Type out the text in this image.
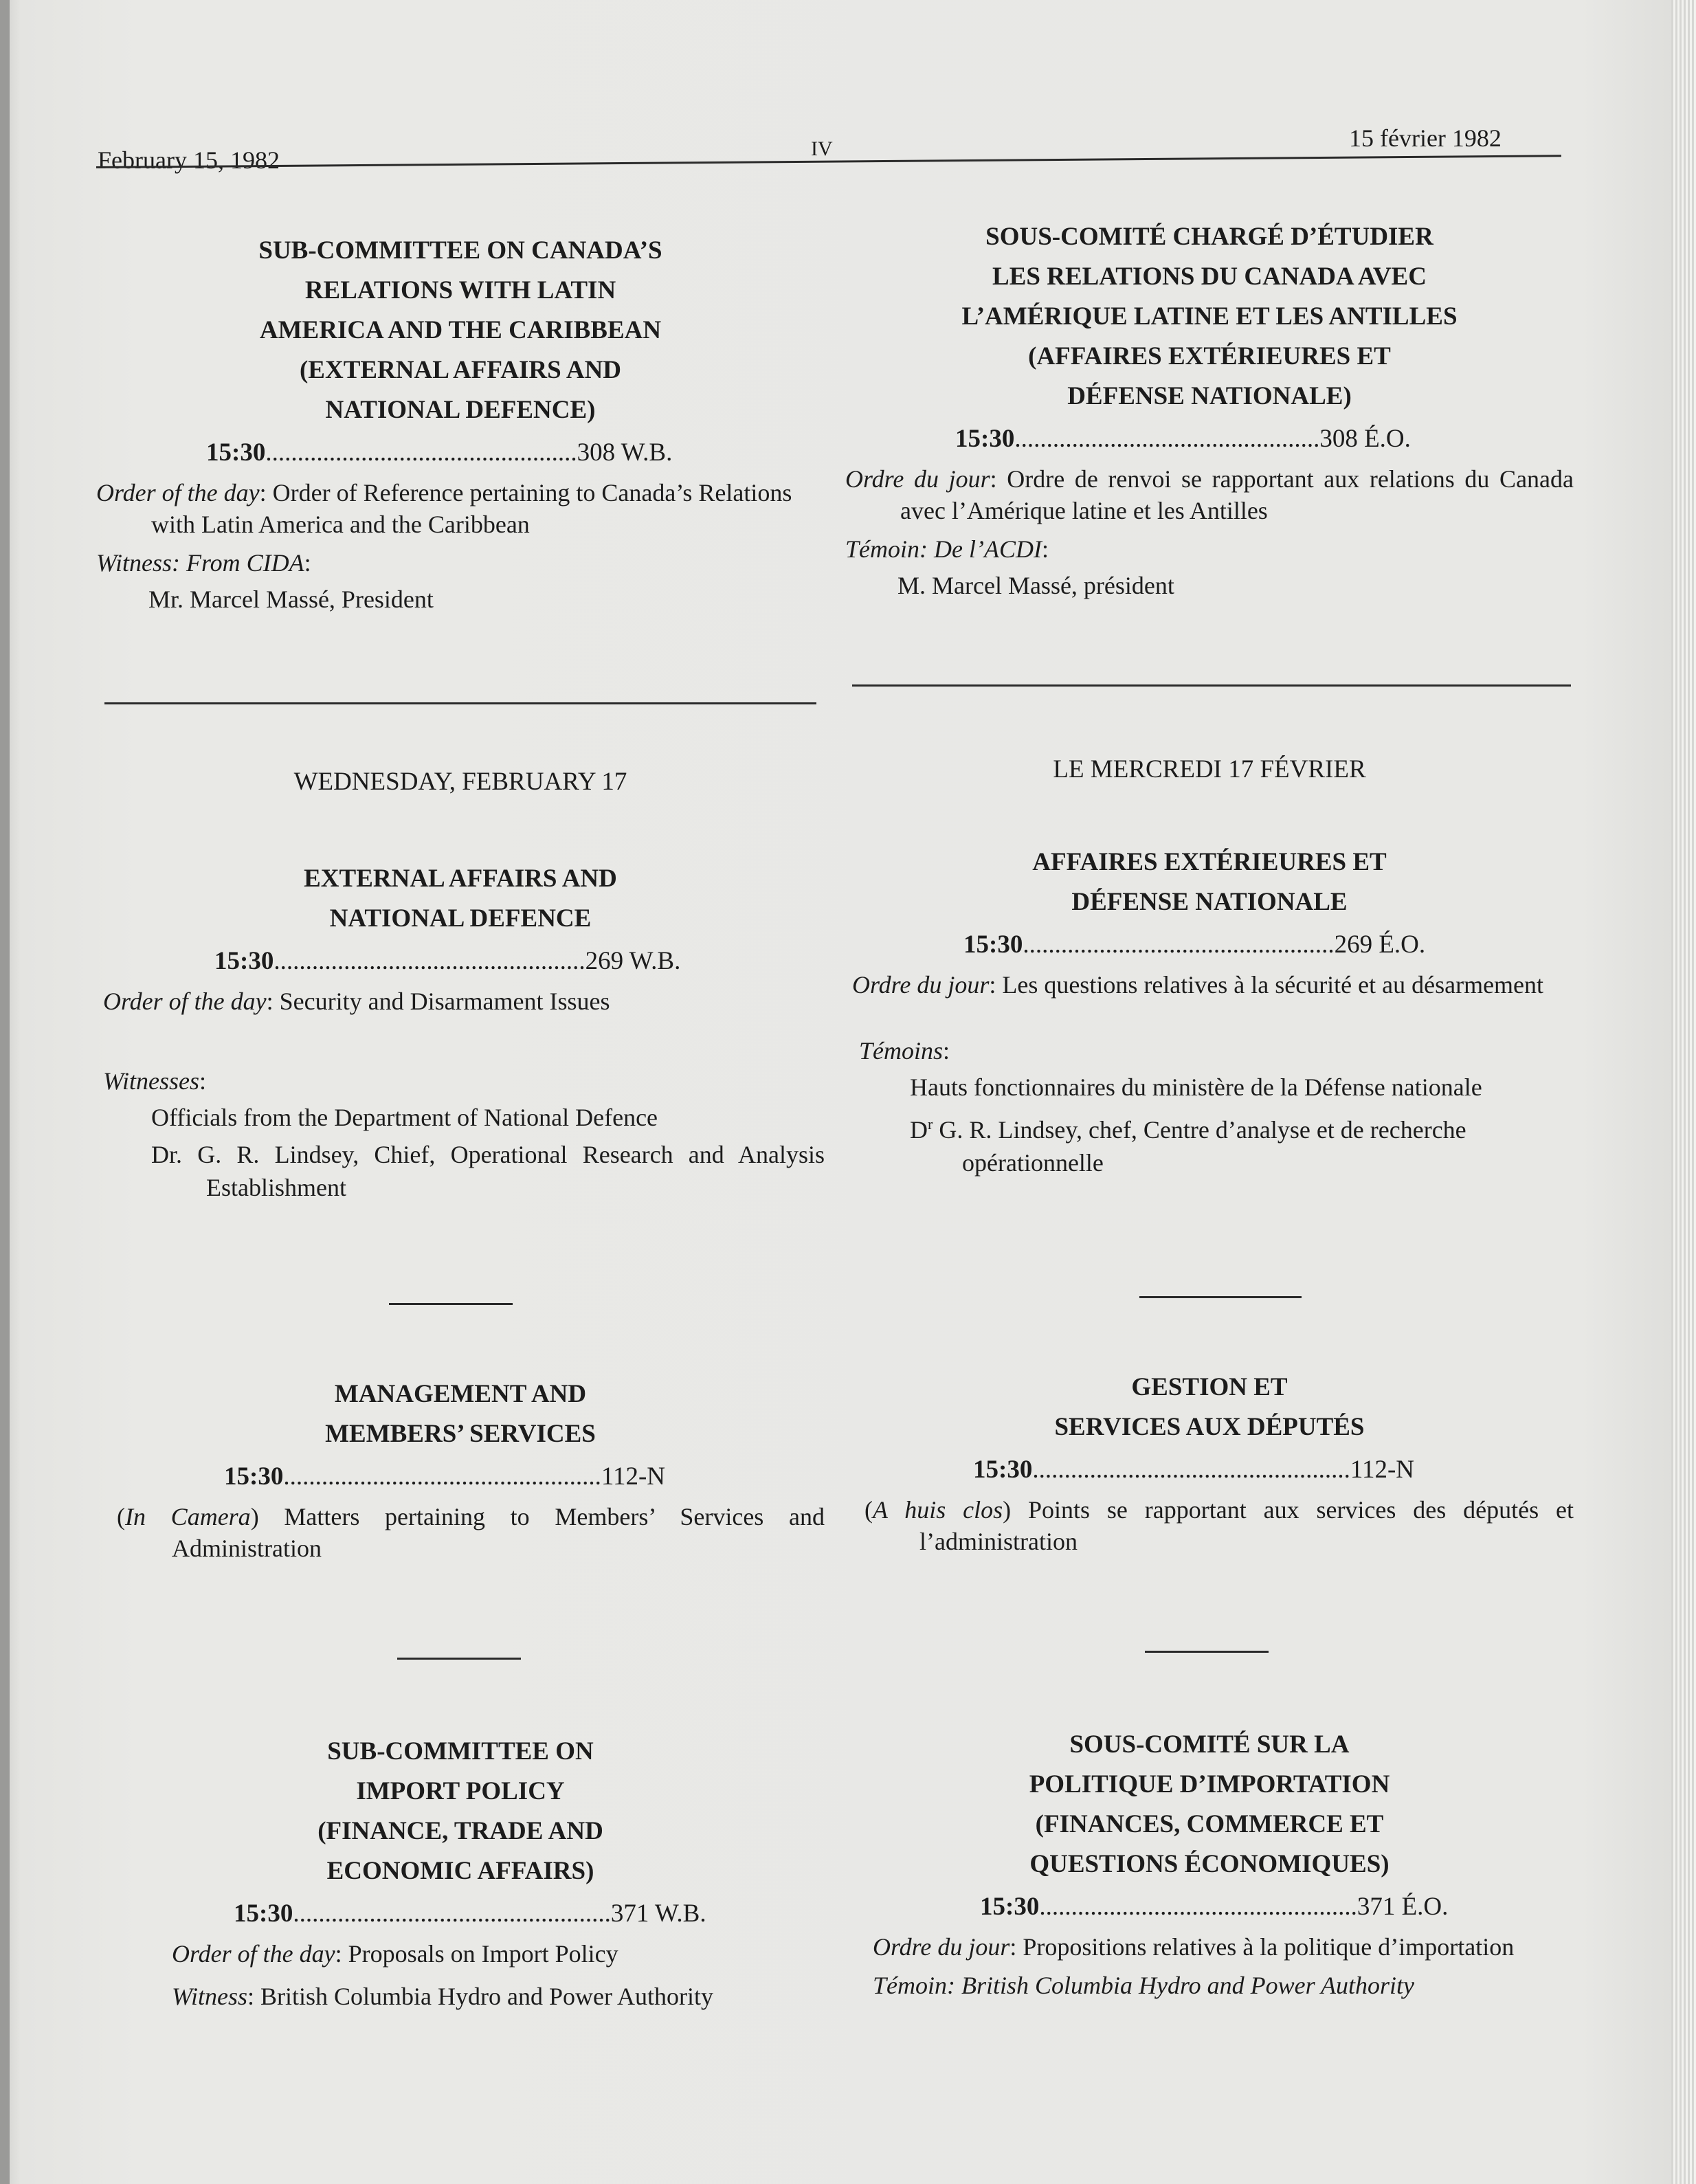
February 15, 1982	IV	15 février 1982
SUB-COMMITTEE ON CANADA’S
RELATIONS WITH LATIN
AMERICA AND THE CARIBBEAN
(EXTERNAL AFFAIRS AND
NATIONAL DEFENCE)
15:30.................................................308 W.B.
Order of the day: Order of Reference pertaining to Canada’s Relations with Latin America and the Caribbean
Witness: From CIDA:
Mr. Marcel Massé, President
WEDNESDAY, FEBRUARY 17
EXTERNAL AFFAIRS AND
NATIONAL DEFENCE
15:30.................................................269 W.B.
Order of the day: Security and Disarmament Issues
Witnesses:
Officials from the Department of National Defence
Dr. G. R. Lindsey, Chief, Operational Research and Analysis Establishment
MANAGEMENT AND
MEMBERS’ SERVICES
15:30..................................................112-N
(In Camera) Matters pertaining to Members’ Services and Administration
SUB-COMMITTEE ON
IMPORT POLICY
(FINANCE, TRADE AND
ECONOMIC AFFAIRS)
15:30..................................................371 W.B.
Order of the day: Proposals on Import Policy
Witness: British Columbia Hydro and Power Authority
SOUS-COMITÉ CHARGÉ D’ÉTUDIER
LES RELATIONS DU CANADA AVEC
L’AMÉRIQUE LATINE ET LES ANTILLES
(AFFAIRES EXTÉRIEURES ET
DÉFENSE NATIONALE)
15:30................................................308 É.O.
Ordre du jour: Ordre de renvoi se rapportant aux relations du Canada avec l’Amérique latine et les Antilles
Témoin: De l’ACDI:
M. Marcel Massé, président
LE MERCREDI 17 FÉVRIER
AFFAIRES EXTÉRIEURES ET
DÉFENSE NATIONALE
15:30.................................................269 É.O.
Ordre du jour: Les questions relatives à la sécurité et au désarmement
Témoins:
Hauts fonctionnaires du ministère de la Défense nationale
$D^r$ G. R. Lindsey, chef, Centre d’analyse et de recherche opérationnelle
GESTION ET
SERVICES AUX DÉPUTÉS
15:30..................................................112-N
(A huis clos) Points se rapportant aux services des députés et l’administration
SOUS-COMITÉ SUR LA
POLITIQUE D’IMPORTATION
(FINANCES, COMMERCE ET
QUESTIONS ÉCONOMIQUES)
15:30..................................................371 É.O.
Ordre du jour: Propositions relatives à la politique d’importation
Témoin: British Columbia Hydro and Power Authority
